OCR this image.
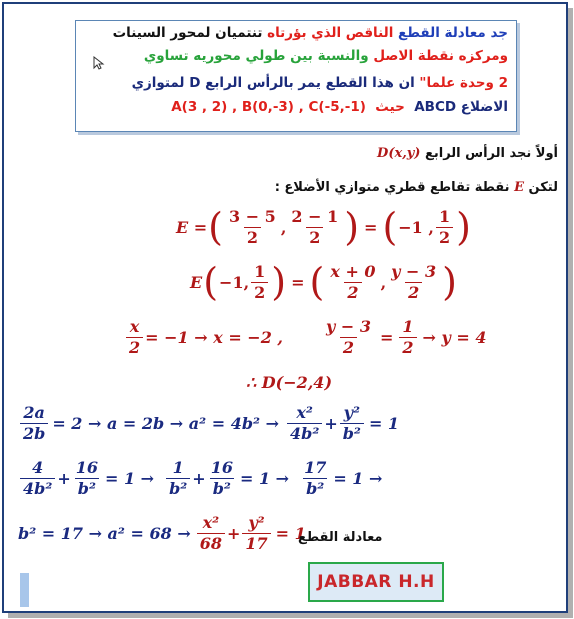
جد معادلة القطع الناقص الذي بؤرتاه تنتميان لمحور السينات
ومركزه نقطة الاصل والنسبة بين طولي محوريه تساوي
2 وحدة علما" ان هذا القطع يمر بالرأس الرابع D لمتوازي
الاضلاع ABCD  حيث  A(3 , 2) , B(0,-3) , C(-5,-1)
أولاً نجد الرأس الرابع D(x,y)
لتكن E نقطة تقاطع قطري متوازي الأضلاع :
E = ( $\frac{3 - 5}{2}$ , $\frac{2 - 1}{2}$ ) = ( −1 , $\frac{1}{2}$ )
E ( −1, $\frac{1}{2}$ ) = ( $\frac{x + 0}{2}$ , $\frac{y - 3}{2}$ )
$\frac{x}{2} = -1 \to x = -2$ ,	$\frac{y - 3}{2} = \frac{1}{2} \to y = 4$
∴ D(−2,4)
$\frac{2a}{2b} = 2 \to a = 2b \to a^2 = 4b^2 \to \frac{\text{x²}}{\text{4b²}} + \frac{\text{y²}}{\text{b²}} = 1$
$\frac{4}{\text{4b²}} + \frac{16}{\text{b²}} = 1 \to \frac{1}{\text{b²}} + \frac{16}{\text{b²}} = 1 \to \frac{17}{\text{b²}} = 1$ →
$b^2 = 17 \to a^2 = 68 \to \frac{\text{x²}}{68} + \frac{\text{y²}}{17} = 1$
معادلة القطع
JABBAR
H.H
